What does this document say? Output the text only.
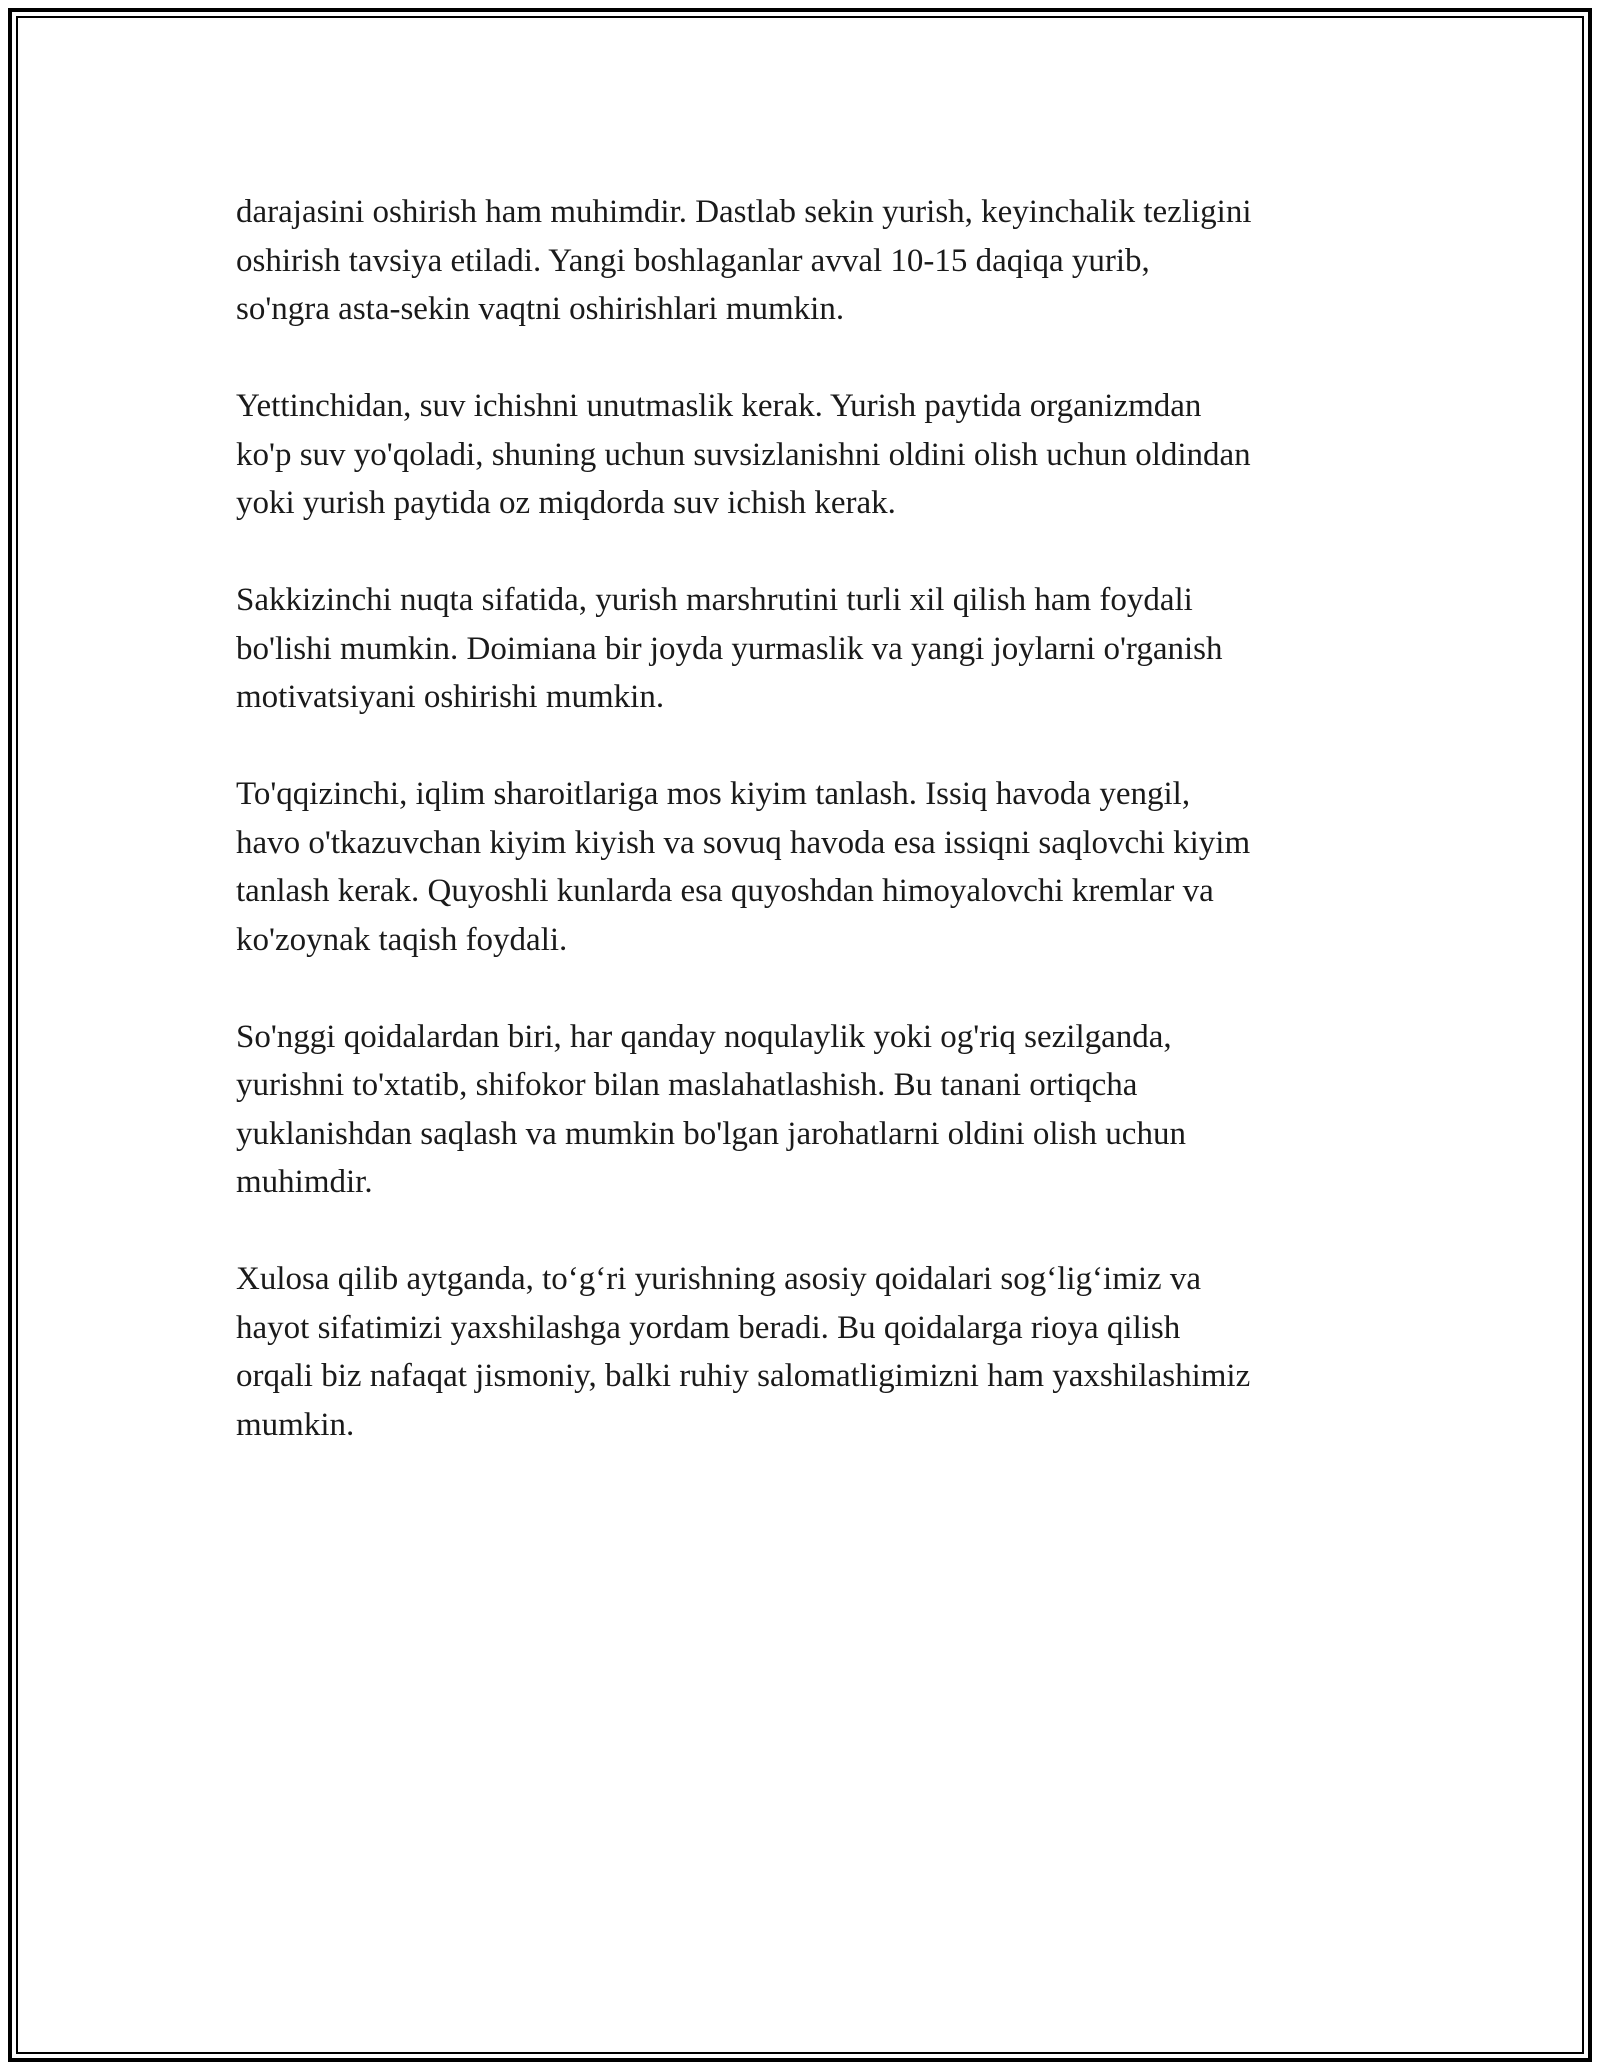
darajasini oshirish ham muhimdir. Dastlab sekin yurish, keyinchalik tezligini
oshirish tavsiya etiladi. Yangi boshlaganlar avval 10-15 daqiqa yurib,
so'ngra asta-sekin vaqtni oshirishlari mumkin.

Yettinchidan, suv ichishni unutmaslik kerak. Yurish paytida organizmdan
ko'p suv yo'qoladi, shuning uchun suvsizlanishni oldini olish uchun oldindan
yoki yurish paytida oz miqdorda suv ichish kerak.

Sakkizinchi nuqta sifatida, yurish marshrutini turli xil qilish ham foydali
bo'lishi mumkin. Doimiana bir joyda yurmaslik va yangi joylarni o'rganish
motivatsiyani oshirishi mumkin.

To'qqizinchi, iqlim sharoitlariga mos kiyim tanlash. Issiq havoda yengil,
havo o'tkazuvchan kiyim kiyish va sovuq havoda esa issiqni saqlovchi kiyim
tanlash kerak. Quyoshli kunlarda esa quyoshdan himoyalovchi kremlar va
ko'zoynak taqish foydali.

So'nggi qoidalardan biri, har qanday noqulaylik yoki og'riq sezilganda,
yurishni to'xtatib, shifokor bilan maslahatlashish. Bu tanani ortiqcha
yuklanishdan saqlash va mumkin bo'lgan jarohatlarni oldini olish uchun
muhimdir.

Xulosa qilib aytganda, to‘g‘ri yurishning asosiy qoidalari sog‘lig‘imiz va
hayot sifatimizi yaxshilashga yordam beradi. Bu qoidalarga rioya qilish
orqali biz nafaqat jismoniy, balki ruhiy salomatligimizni ham yaxshilashimiz
mumkin.
